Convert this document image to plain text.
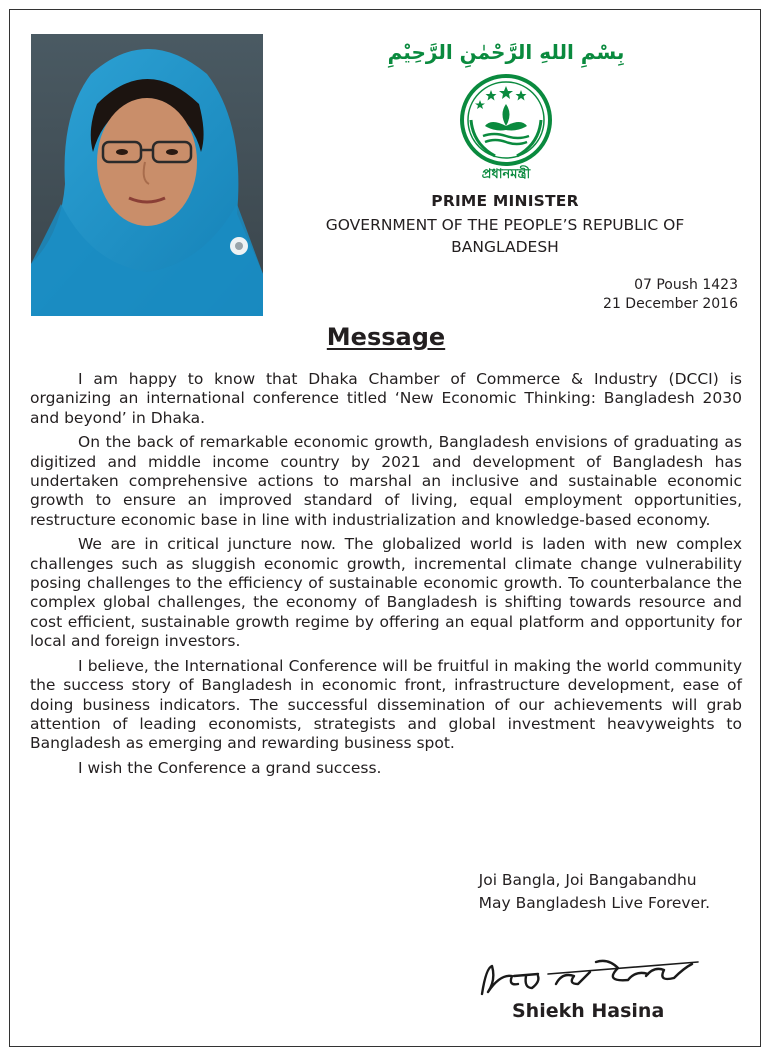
بِسْمِ اللهِ الرَّحْمٰنِ الرَّحِيْمِ
প্রধানমন্ত্রী
PRIME MINISTER
GOVERNMENT OF THE PEOPLE’S REPUBLIC OF
BANGLADESH
07 Poush 1423
21 December 2016
Message

I am happy to know that Dhaka Chamber of Commerce & Industry (DCCI) is organizing an international conference titled ‘New Economic Thinking: Bangladesh 2030 and beyond’ in Dhaka.

On the back of remarkable economic growth, Bangladesh envisions of graduating as digitized and middle income country by 2021 and development of Bangladesh has undertaken comprehensive actions to marshal an inclusive and sustainable economic growth to ensure an improved standard of living, equal employment opportunities, restructure economic base in line with industrialization and knowledge-based economy.

We are in critical juncture now. The globalized world is laden with new complex challenges such as sluggish economic growth, incremental climate change vulnerability posing challenges to the efficiency of sustainable economic growth. To counterbalance the complex global challenges, the economy of Bangladesh is shifting towards resource and cost efficient, sustainable growth regime by offering an equal platform and opportunity for local and foreign investors.

I believe, the International Conference will be fruitful in making the world community the success story of Bangladesh in economic front, infrastructure development, ease of doing business indicators. The successful dissemination of our achievements will grab attention of leading economists, strategists and global investment heavyweights to Bangladesh as emerging and rewarding business spot.

I wish the Conference a grand success.

Joi Bangla, Joi Bangabandhu
May Bangladesh Live Forever.
Shiekh Hasina
